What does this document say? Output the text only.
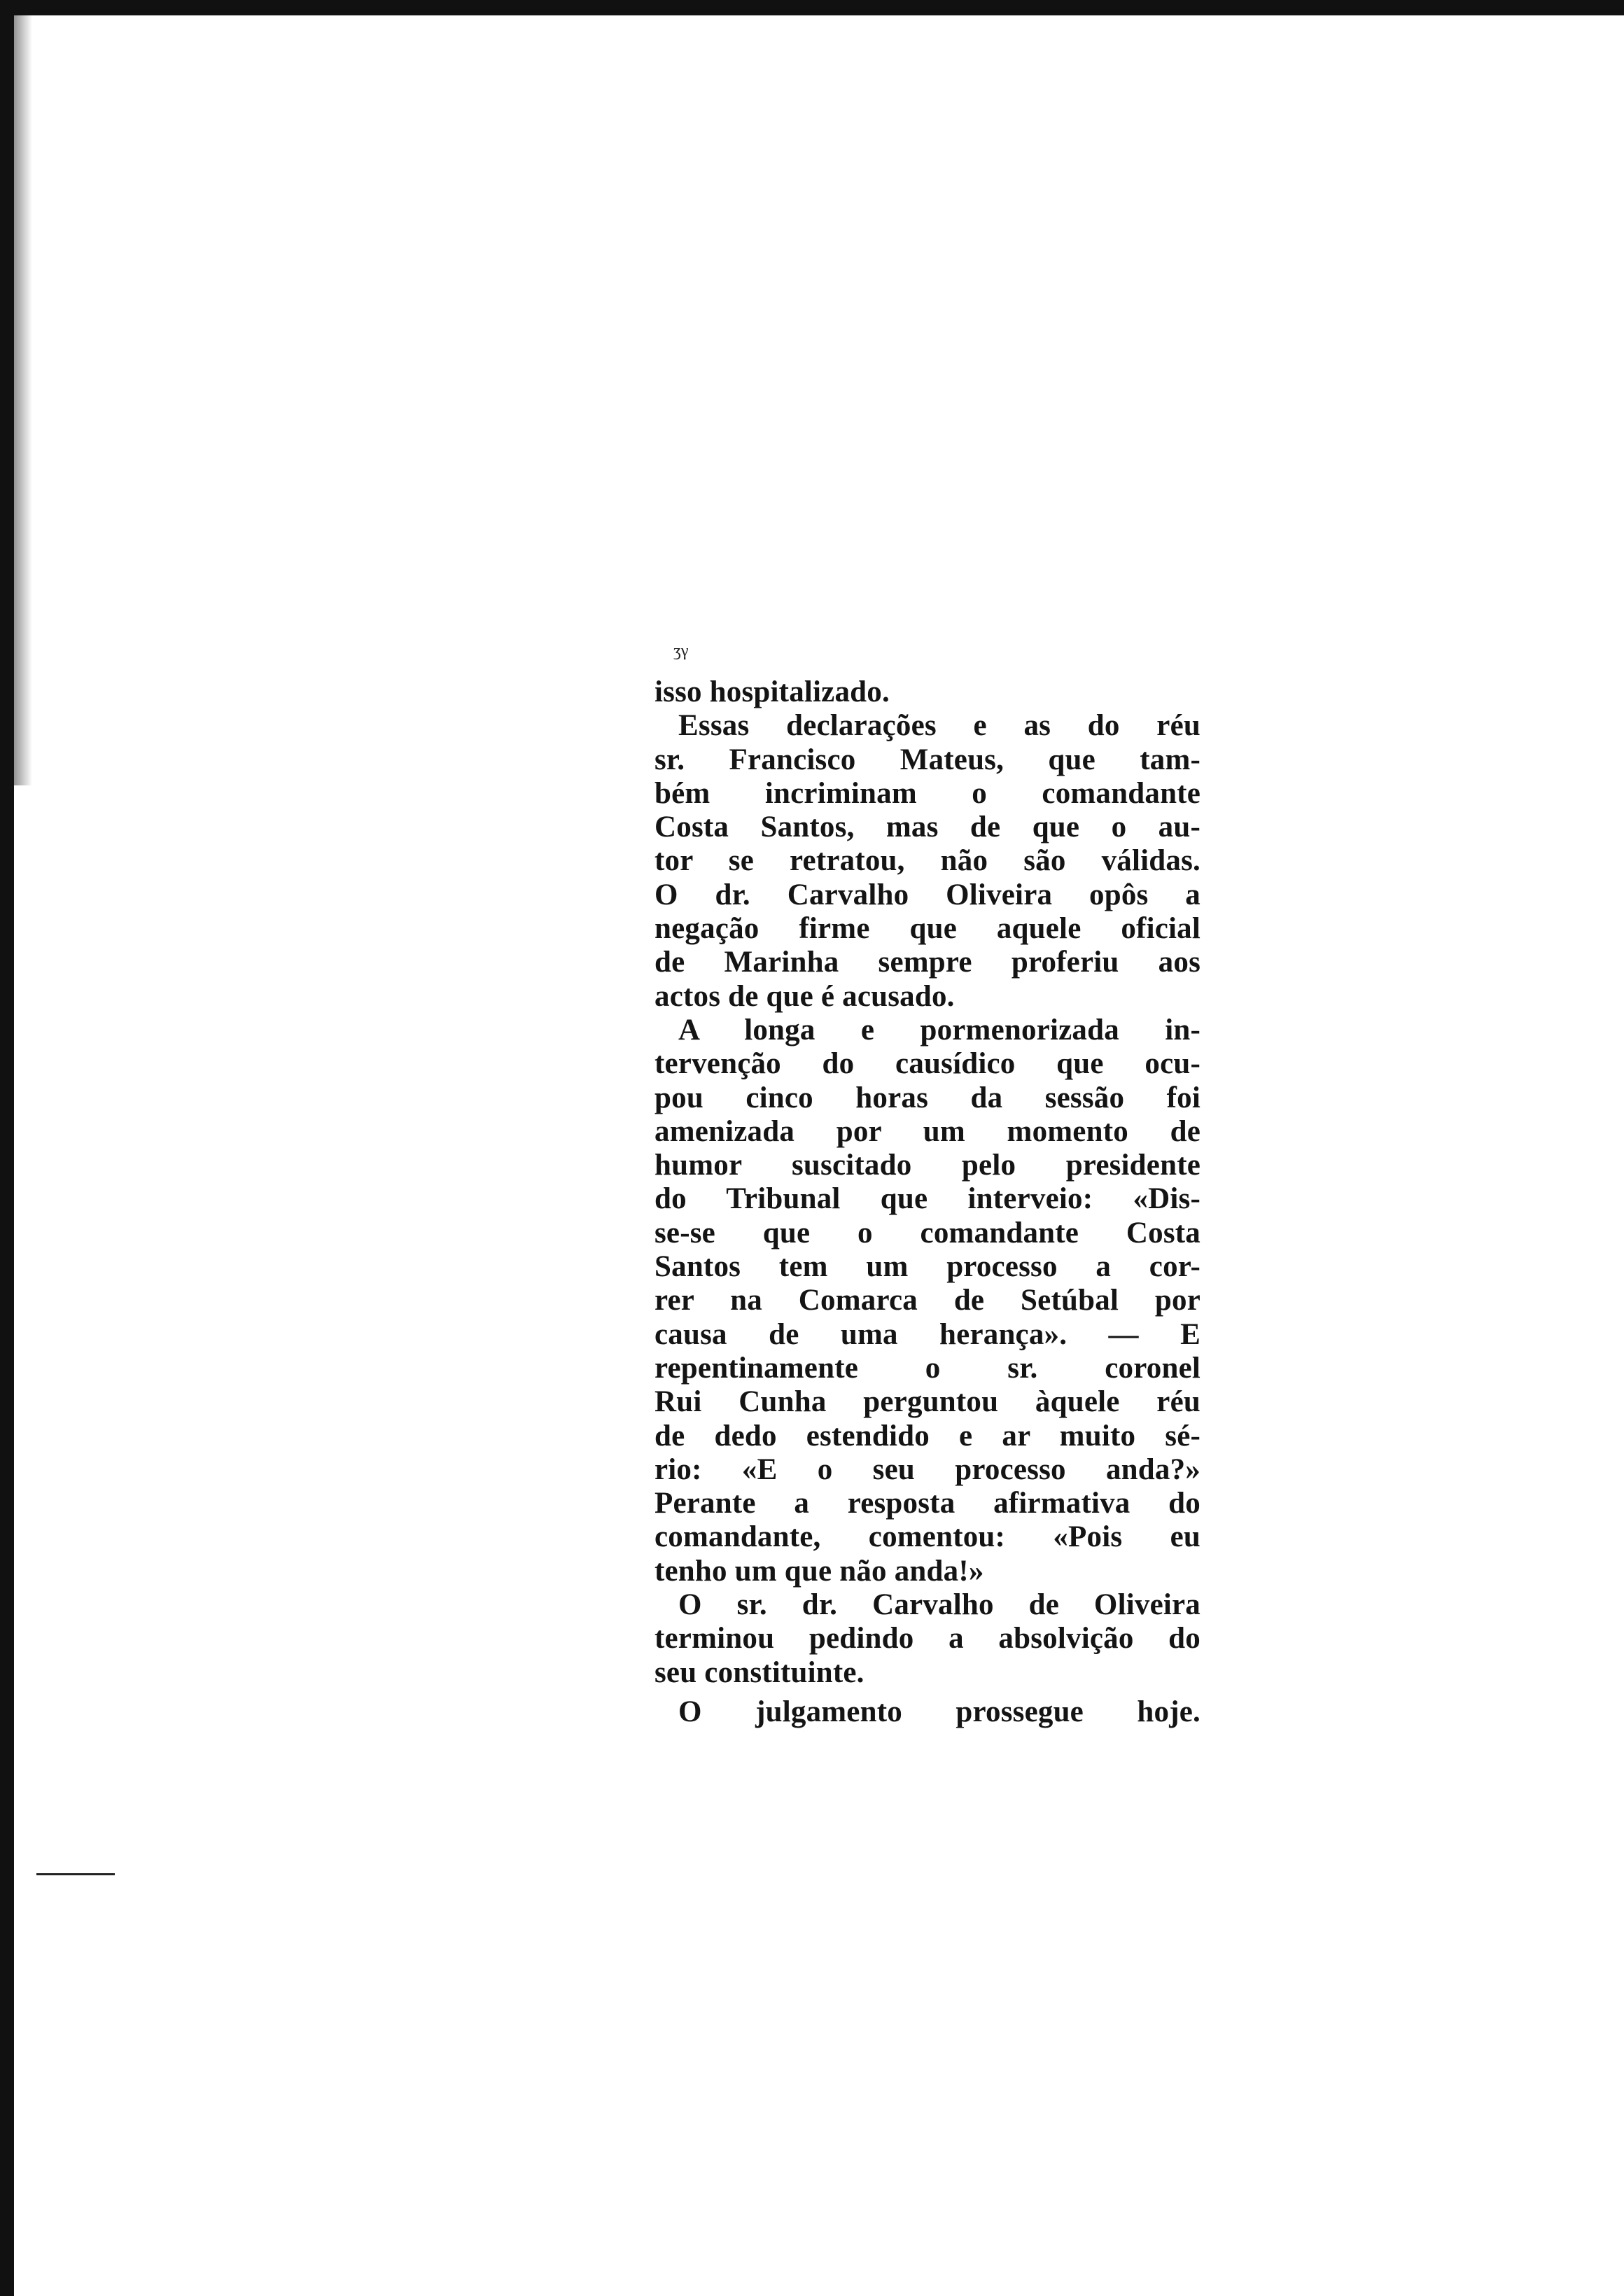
ᶾᵞ

isso hospitalizado.

Essas declarações e as do réu

sr. Francisco Mateus, que tam-

bém incriminam o comandante

Costa Santos, mas de que o au-

tor se retratou, não são válidas.

O dr. Carvalho Oliveira opôs a

negação firme que aquele oficial

de Marinha sempre proferiu aos

actos de que é acusado.

A longa e pormenorizada in-

tervenção do causídico que ocu-

pou cinco horas da sessão foi

amenizada por um momento de

humor suscitado pelo presidente

do Tribunal que interveio: «Dis-

se-se que o comandante Costa

Santos tem um processo a cor-

rer na Comarca de Setúbal por

causa de uma herança». — E

repentinamente o sr. coronel

Rui Cunha perguntou àquele réu

de dedo estendido e ar muito sé-

rio: «E o seu processo anda?»

Perante a resposta afirmativa do

comandante, comentou: «Pois eu

tenho um que não anda!»

O sr. dr. Carvalho de Oliveira

terminou pedindo a absolvição do

seu constituinte.

O julgamento prossegue hoje.
